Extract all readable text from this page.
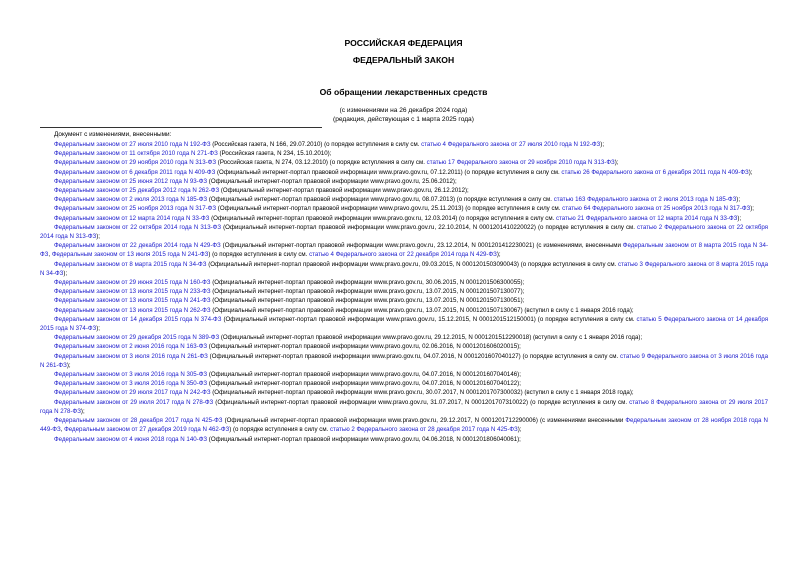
РОССИЙСКАЯ ФЕДЕРАЦИЯ
ФЕДЕРАЛЬНЫЙ ЗАКОН
Об обращении лекарственных средств
(с изменениями на 26 декабря 2024 года)
(редакция, действующая с 1 марта 2025 года)
Документ с изменениями, внесенными:

Федеральным законом от 27 июля 2010 года N 192-ФЗ (Российская газета, N 166, 29.07.2010) (о порядке вступления в силу см. статью 4 Федерального закона от 27 июля 2010 года N 192-ФЗ);

Федеральным законом от 11 октября 2010 года N 271-ФЗ (Российская газета, N 234, 15.10.2010);

Федеральным законом от 29 ноября 2010 года N 313-ФЗ (Российская газета, N 274, 03.12.2010) (о порядке вступления в силу см. статью 17 Федерального закона от 29 ноября 2010 года N 313-ФЗ);

Федеральным законом от 6 декабря 2011 года N 409-ФЗ (Официальный интернет-портал правовой информации www.pravo.gov.ru, 07.12.2011) (о порядке вступления в силу см. статью 26 Федерального закона от 6 декабря 2011 года N 409-ФЗ);

Федеральным законом от 25 июня 2012 года N 93-ФЗ (Официальный интернет-портал правовой информации www.pravo.gov.ru, 25.06.2012);

Федеральным законом от 25 декабря 2012 года N 262-ФЗ (Официальный интернет-портал правовой информации www.pravo.gov.ru, 26.12.2012);

Федеральным законом от 2 июля 2013 года N 185-ФЗ (Официальный интернет-портал правовой информации www.pravo.gov.ru, 08.07.2013) (о порядке вступления в силу см. статью 163 Федерального закона от 2 июля 2013 года N 185-ФЗ);

Федеральным законом от 25 ноября 2013 года N 317-ФЗ (Официальный интернет-портал правовой информации www.pravo.gov.ru, 25.11.2013) (о порядке вступления в силу см. статью 64 Федерального закона от 25 ноября 2013 года N 317-ФЗ);

Федеральным законом от 12 марта 2014 года N 33-ФЗ (Официальный интернет-портал правовой информации www.pravo.gov.ru, 12.03.2014) (о порядке вступления в силу см. статью 21 Федерального закона от 12 марта 2014 года N 33-ФЗ);

Федеральным законом от 22 октября 2014 года N 313-ФЗ (Официальный интернет-портал правовой информации www.pravo.gov.ru, 22.10.2014, N 0001201410220022) (о порядке вступления в силу см. статью 2 Федерального закона от 22 октября 2014 года N 313-ФЗ);

Федеральным законом от 22 декабря 2014 года N 429-ФЗ (Официальный интернет-портал правовой информации www.pravo.gov.ru, 23.12.2014, N 0001201412230021) (с изменениями, внесенными Федеральным законом от 8 марта 2015 года N 34-ФЗ, Федеральным законом от 13 июля 2015 года N 241-ФЗ) (о порядке вступления в силу см. статью 4 Федерального закона от 22 декабря 2014 года N 429-ФЗ);

Федеральным законом от 8 марта 2015 года N 34-ФЗ (Официальный интернет-портал правовой информации www.pravo.gov.ru, 09.03.2015, N 0001201503090043) (о порядке вступления в силу см. статью 3 Федерального закона от 8 марта 2015 года N 34-ФЗ);

Федеральным законом от 29 июня 2015 года N 160-ФЗ (Официальный интернет-портал правовой информации www.pravo.gov.ru, 30.06.2015, N 0001201506300055);

Федеральным законом от 13 июля 2015 года N 233-ФЗ (Официальный интернет-портал правовой информации www.pravo.gov.ru, 13.07.2015, N 0001201507130077);

Федеральным законом от 13 июля 2015 года N 241-ФЗ (Официальный интернет-портал правовой информации www.pravo.gov.ru, 13.07.2015, N 0001201507130051);

Федеральным законом от 13 июля 2015 года N 262-ФЗ (Официальный интернет-портал правовой информации www.pravo.gov.ru, 13.07.2015, N 0001201507130067) (вступил в силу с 1 января 2016 года);

Федеральным законом от 14 декабря 2015 года N 374-ФЗ (Официальный интернет-портал правовой информации www.pravo.gov.ru, 15.12.2015, N 0001201512150001) (о порядке вступления в силу см. статью 5 Федерального закона от 14 декабря 2015 года N 374-ФЗ);

Федеральным законом от 29 декабря 2015 года N 389-ФЗ (Официальный интернет-портал правовой информации www.pravo.gov.ru, 29.12.2015, N 0001201512290018) (вступил в силу с 1 января 2016 года);

Федеральным законом от 2 июня 2016 года N 163-ФЗ (Официальный интернет-портал правовой информации www.pravo.gov.ru, 02.06.2016, N 0001201606020015);

Федеральным законом от 3 июля 2016 года N 261-ФЗ (Официальный интернет-портал правовой информации www.pravo.gov.ru, 04.07.2016, N 0001201607040127) (о порядке вступления в силу см. статью 9 Федерального закона от 3 июля 2016 года N 261-ФЗ);

Федеральным законом от 3 июля 2016 года N 305-ФЗ (Официальный интернет-портал правовой информации www.pravo.gov.ru, 04.07.2016, N 0001201607040146);

Федеральным законом от 3 июля 2016 года N 350-ФЗ (Официальный интернет-портал правовой информации www.pravo.gov.ru, 04.07.2016, N 0001201607040122);

Федеральным законом от 29 июля 2017 года N 242-ФЗ (Официальный интернет-портал правовой информации www.pravo.gov.ru, 30.07.2017, N 0001201707300032) (вступил в силу с 1 января 2018 года);

Федеральным законом от 29 июля 2017 года N 278-ФЗ (Официальный интернет-портал правовой информации www.pravo.gov.ru, 31.07.2017, N 0001201707310022) (о порядке вступления в силу см. статью 8 Федерального закона от 29 июля 2017 года N 278-ФЗ);

Федеральным законом от 28 декабря 2017 года N 425-ФЗ (Официальный интернет-портал правовой информации www.pravo.gov.ru, 29.12.2017, N 0001201712290006) (с изменениями внесенными Федеральным законом от 28 ноября 2018 года N 449-ФЗ, Федеральным законом от 27 декабря 2019 года N 462-ФЗ) (о порядке вступления в силу см. статью 2 Федерального закона от 28 декабря 2017 года N 425-ФЗ);

Федеральным законом от 4 июня 2018 года N 140-ФЗ (Официальный интернет-портал правовой информации www.pravo.gov.ru, 04.06.2018, N 0001201806040061);
